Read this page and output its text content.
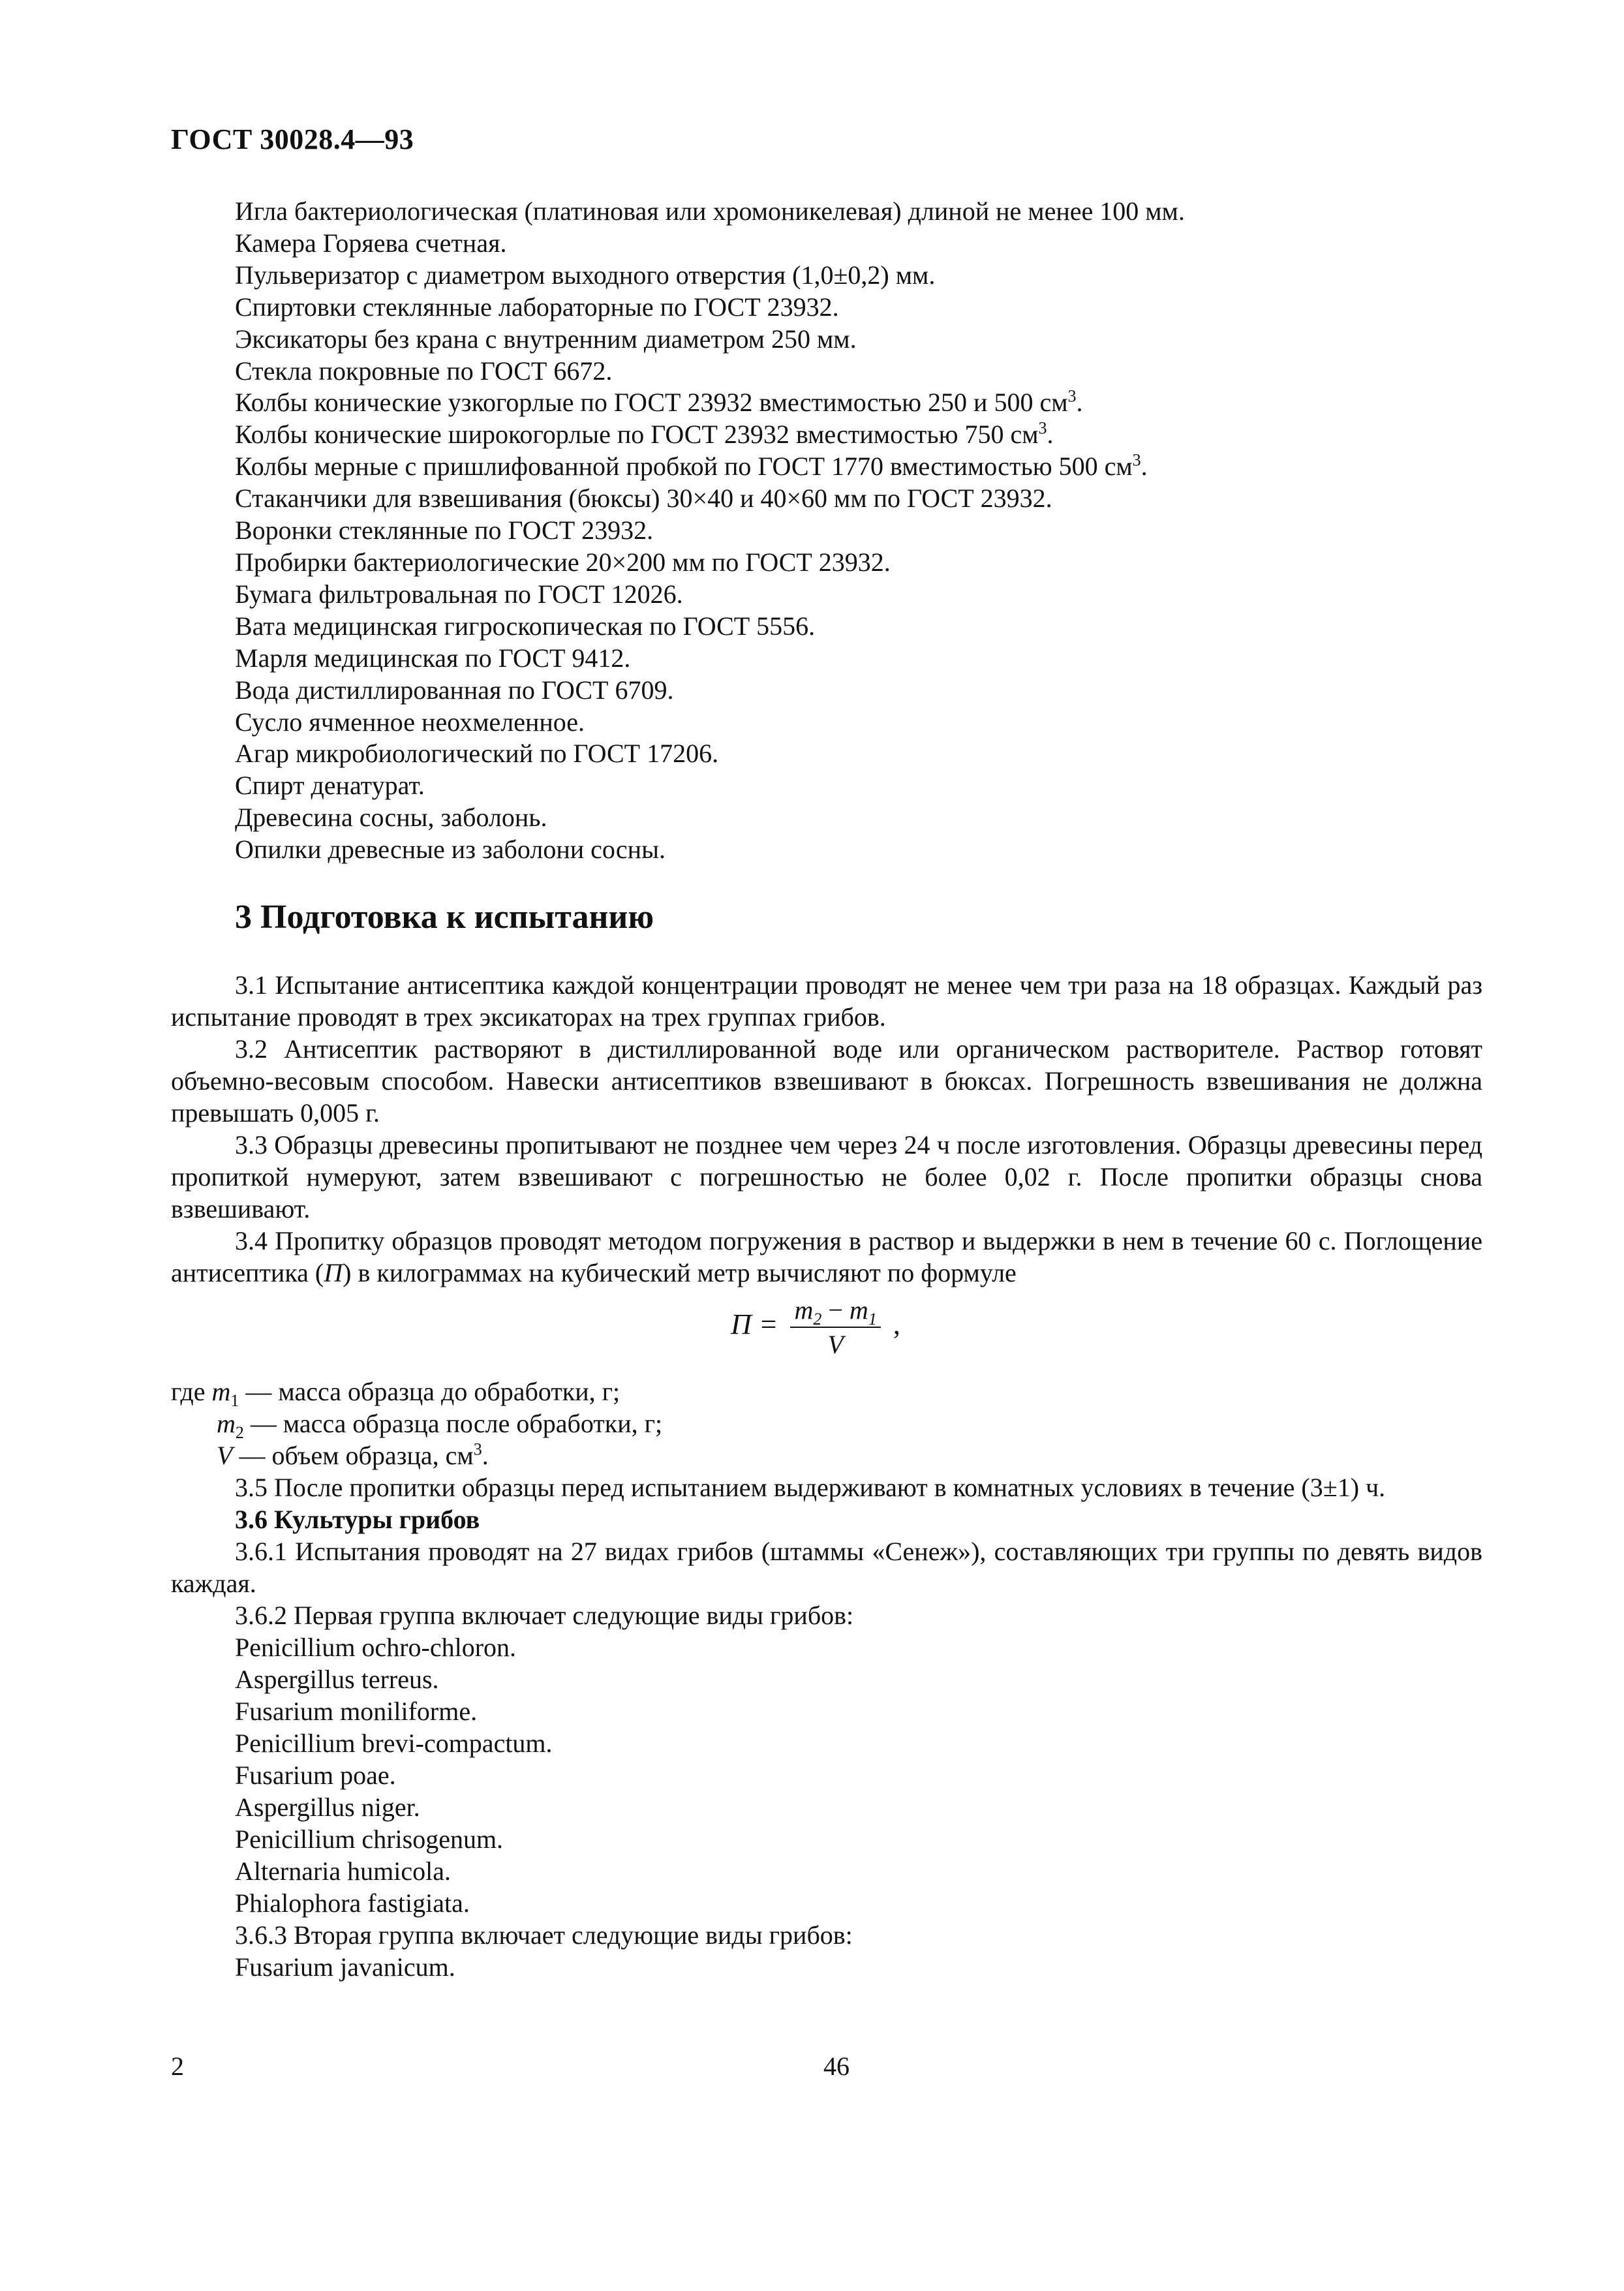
ГОСТ 30028.4—93
Игла бактериологическая (платиновая или хромоникелевая) длиной не менее 100 мм.
Камера Горяева счетная.
Пульверизатор с диаметром выходного отверстия (1,0±0,2) мм.
Спиртовки стеклянные лабораторные по ГОСТ 23932.
Эксикаторы без крана с внутренним диаметром 250 мм.
Стекла покровные по ГОСТ 6672.
Колбы конические узкогорлые по ГОСТ 23932 вместимостью 250 и 500 $см^3$.
Колбы конические широкогорлые по ГОСТ 23932 вместимостью 750 $см^3$.
Колбы мерные с пришлифованной пробкой по ГОСТ 1770 вместимостью 500 $см^3$.
Стаканчики для взвешивания (бюксы) 30×40 и 40×60 мм по ГОСТ 23932.
Воронки стеклянные по ГОСТ 23932.
Пробирки бактериологические 20×200 мм по ГОСТ 23932.
Бумага фильтровальная по ГОСТ 12026.
Вата медицинская гигроскопическая по ГОСТ 5556.
Марля медицинская по ГОСТ 9412.
Вода дистиллированная по ГОСТ 6709.
Сусло ячменное неохмеленное.
Агар микробиологический по ГОСТ 17206.
Спирт денатурат.
Древесина сосны, заболонь.
Опилки древесные из заболони сосны.
3 Подготовка к испытанию

3.1 Испытание антисептика каждой концентрации проводят не менее чем три раза на 18 образцах. Каждый раз испытание проводят в трех эксикаторах на трех группах грибов.

3.2 Антисептик растворяют в дистиллированной воде или органическом растворителе. Раствор готовят объемно-весовым способом. Навески антисептиков взвешивают в бюксах. Погрешность взвешивания не должна превышать 0,005 г.

3.3 Образцы древесины пропитывают не позднее чем через 24 ч после изготовления. Образцы древесины перед пропиткой нумеруют, затем взвешивают с погрешностью не более 0,02 г. После пропитки образцы снова взвешивают.

3.4 Пропитку образцов проводят методом погружения в раствор и выдержки в нем в течение 60 с. Поглощение антисептика (П) в килограммах на кубический метр вычисляют по формуле

$П = \frac{m_2 - m_1}{V}$ ,
где $m_1$ — масса образца до обработки, г;
$m_2$ — масса образца после обработки, г;
V — объем образца, $см^3$.

3.5 После пропитки образцы перед испытанием выдерживают в комнатных условиях в течение (3±1) ч.

3.6 Культуры грибов

3.6.1 Испытания проводят на 27 видах грибов (штаммы «Сенеж»), составляющих три группы по девять видов каждая.

3.6.2 Первая группа включает следующие виды грибов:
Penicillium ochro-chloron.
Aspergillus terreus.
Fusarium moniliforme.
Penicillium brevi-compactum.
Fusarium poae.
Aspergillus niger.
Penicillium chrisogenum.
Alternaria humicola.
Phialophora fastigiata.
3.6.3 Вторая группа включает следующие виды грибов:
Fusarium javanicum.
2	46
